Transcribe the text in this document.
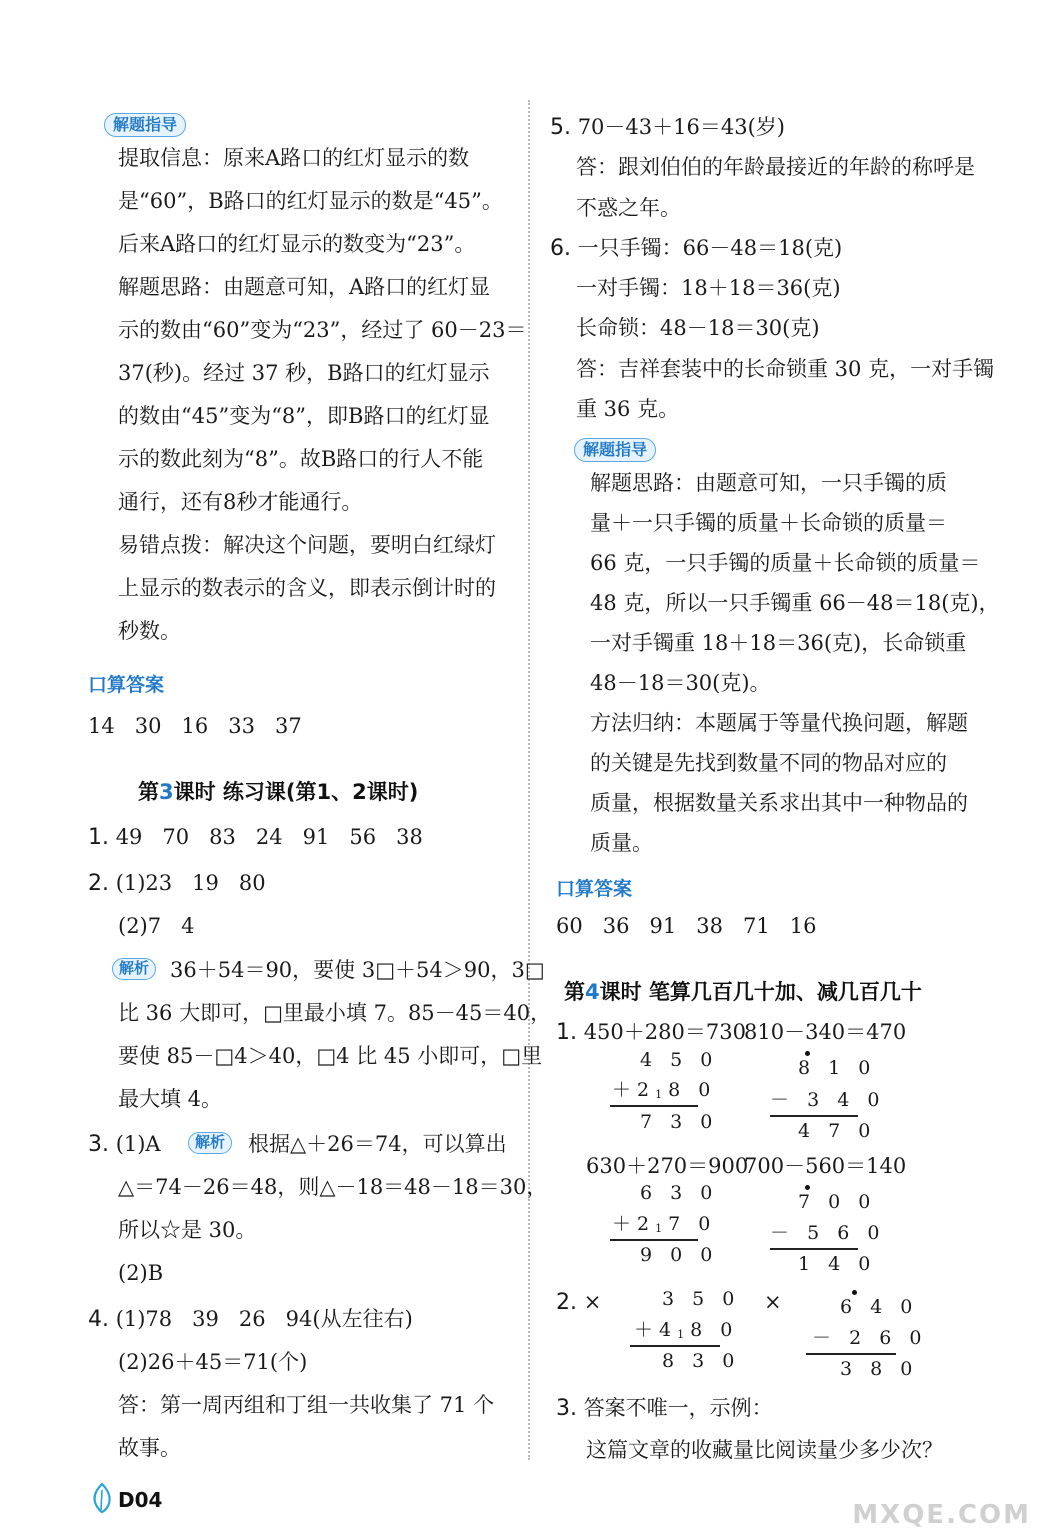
解题指导
提取信息：原来A路口的红灯显示的数
是“60”，B路口的红灯显示的数是“45”。
后来A路口的红灯显示的数变为“23”。
解题思路：由题意可知，A路口的红灯显
示的数由“60”变为“23”，经过了 60－23＝
37(秒)。经过 37 秒，B路口的红灯显示
的数由“45”变为“8”，即B路口的红灯显
示的数此刻为“8”。故B路口的行人不能
通行，还有8秒才能通行。
易错点拨：解决这个问题，要明白红绿灯
上显示的数表示的含义，即表示倒计时的
秒数。
口算答案
14   30   16   33   37
第3课时 练习课(第1、2课时)
1. 49   70   83   24   91   56   38
2. (1)23   19   80
(2)7   4
解析 36＋54＝90，要使 3□＋54＞90，3□
比 36 大即可，□里最小填 7。85－45＝40，
要使 85－□4＞40，□4 比 45 小即可，□里
最大填 4。
3. (1)A	解析	根据△＋26＝74，可以算出
△＝74－26＝48，则△－18＝48－18＝30，
所以☆是 30。
(2)B
4. (1)78   39   26   94(从左往右)
(2)26＋45＝71(个)
答：第一周丙组和丁组一共收集了 71 个
故事。
5. 70－43＋16＝43(岁)
答：跟刘伯伯的年龄最接近的年龄的称呼是
不惑之年。
6. 一只手镯：66－48＝18(克)
一对手镯：18＋18＝36(克)
长命锁：48－18＝30(克)
答：吉祥套装中的长命锁重 30 克，一对手镯
重 36 克。
解题指导
解题思路：由题意可知，一只手镯的质
量＋一只手镯的质量＋长命锁的质量＝
66 克，一只手镯的质量＋长命锁的质量＝
48 克，所以一只手镯重 66－48＝18(克)，
一对手镯重 18＋18＝36(克)，长命锁重
48－18＝30(克)。
方法归纳：本题属于等量代换问题，解题
的关键是先找到数量不同的物品对应的
质量，根据数量关系求出其中一种物品的
质量。
口算答案
60   36   91   38   71   16
第4课时 笔算几百几十加、减几百几十
1. 450＋280＝730
810－340＝470
4 5 0
＋218 0
7 3 0
8 1 0
－ 3 4 0
4 7 0
630＋270＝900
700－560＝140
6 3 0
＋217 0
9 0 0
7 0 0
－ 5 6 0
1 4 0
2. ×	3 5 0
＋418 0
8 3 0
×	6 4 0
－ 2 6 0
3 8 0
3. 答案不唯一，示例：
这篇文章的收藏量比阅读量少多少次？
D04	MXQE.COM
